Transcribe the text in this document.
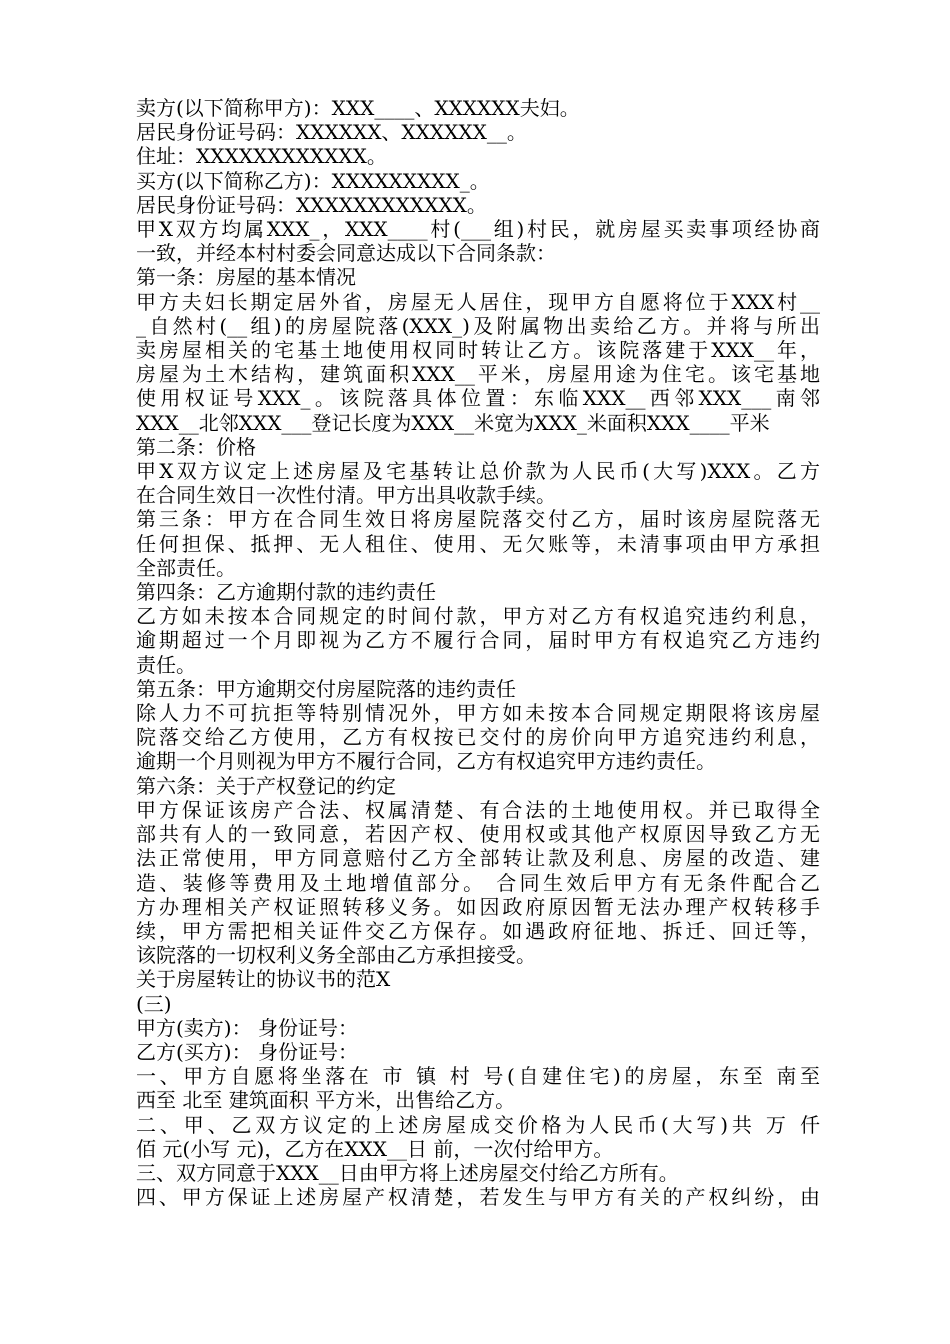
卖方(以下简称甲方)：XXX____、XXXXXX夫妇。
居民身份证号码：XXXXXX、XXXXXX__。
住址：XXXXXXXXXXXX。
买方(以下简称乙方)：XXXXXXXXX_。
居民身份证号码：XXXXXXXXXXXX。
甲X双方均属XXX_，XXX____村(___组)村民，就房屋买卖事项经协商
一致，并经本村村委会同意达成以下合同条款：
第一条：房屋的基本情况
甲方夫妇长期定居外省，房屋无人居住，现甲方自愿将位于XXX村__
_自然村(__组)的房屋院落(XXX_)及附属物出卖给乙方。并将与所出
卖房屋相关的宅基土地使用权同时转让乙方。该院落建于XXX__年，
房屋为土木结构，建筑面积XXX__平米，房屋用途为住宅。该宅基地
使用权证号XXX_。该院落具体位置：东临XXX__西邻XXX___南邻
XXX__北邻XXX___登记长度为XXX__米宽为XXX_米面积XXX____平米
第二条：价格
甲X双方议定上述房屋及宅基转让总价款为人民币(大写)XXX。乙方
在合同生效日一次性付清。甲方出具收款手续。
第三条：甲方在合同生效日将房屋院落交付乙方，届时该房屋院落无
任何担保、抵押、无人租住、使用、无欠账等，未清事项由甲方承担
全部责任。
第四条：乙方逾期付款的违约责任
乙方如未按本合同规定的时间付款，甲方对乙方有权追究违约利息，
逾期超过一个月即视为乙方不履行合同，届时甲方有权追究乙方违约
责任。
第五条：甲方逾期交付房屋院落的违约责任
除人力不可抗拒等特别情况外，甲方如未按本合同规定期限将该房屋
院落交给乙方使用，乙方有权按已交付的房价向甲方追究违约利息，
逾期一个月则视为甲方不履行合同，乙方有权追究甲方违约责任。
第六条：关于产权登记的约定
甲方保证该房产合法、权属清楚、有合法的土地使用权。并已取得全
部共有人的一致同意，若因产权、使用权或其他产权原因导致乙方无
法正常使用，甲方同意赔付乙方全部转让款及利息、房屋的改造、建
造、装修等费用及土地增值部分。 合同生效后甲方有无条件配合乙
方办理相关产权证照转移义务。如因政府原因暂无法办理产权转移手
续，甲方需把相关证件交乙方保存。如遇政府征地、拆迁、回迁等，
该院落的一切权利义务全部由乙方承担接受。
关于房屋转让的协议书的范X
(三)
甲方(卖方)： 身份证号：
乙方(买方)： 身份证号：
一、甲方自愿将坐落在 市 镇 村 号(自建住宅)的房屋，东至 南至
西至 北至 建筑面积 平方米，出售给乙方。
二、甲、乙双方议定的上述房屋成交价格为人民币(大写)共 万 仟
佰 元(小写 元)，乙方在XXX__日 前，一次付给甲方。
三、双方同意于XXX__日由甲方将上述房屋交付给乙方所有。
四、甲方保证上述房屋产权清楚，若发生与甲方有关的产权纠纷，由
